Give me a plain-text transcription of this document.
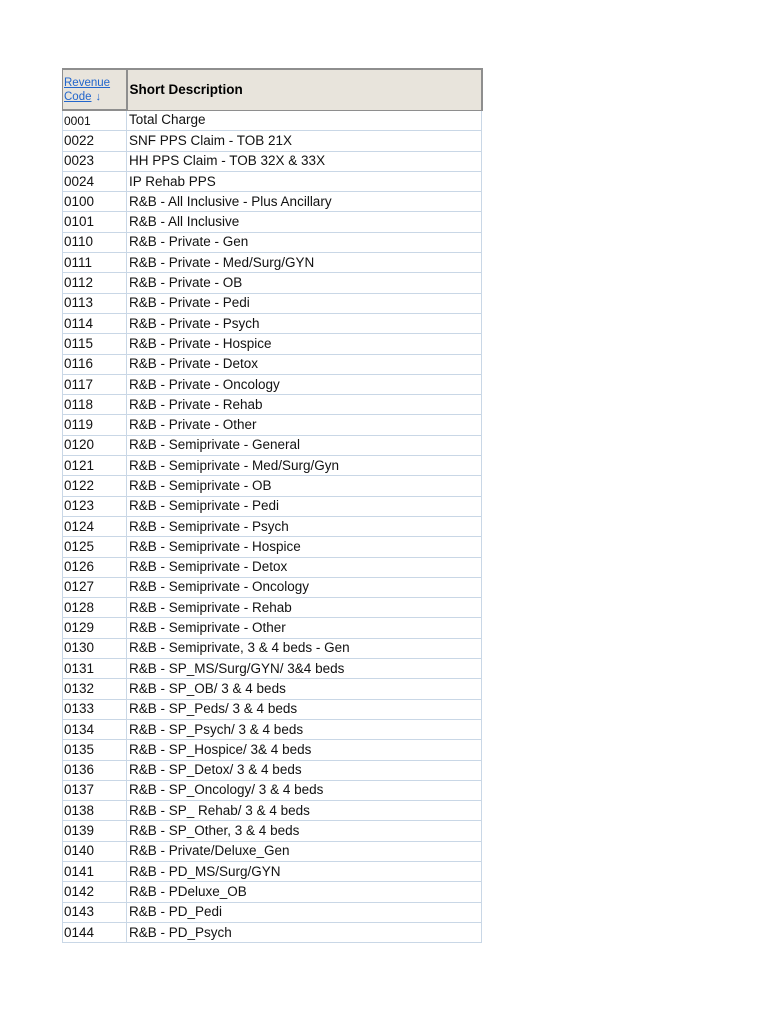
Revenue
Code ↓	Short Description
0001	Total Charge
0022	SNF PPS Claim - TOB 21X
0023	HH PPS Claim - TOB 32X & 33X
0024	IP Rehab PPS
0100	R&B - All Inclusive - Plus Ancillary
0101	R&B - All Inclusive
0110	R&B - Private - Gen
0111	R&B - Private - Med/Surg/GYN
0112	R&B - Private - OB
0113	R&B - Private - Pedi
0114	R&B - Private - Psych
0115	R&B - Private - Hospice
0116	R&B - Private - Detox
0117	R&B - Private - Oncology
0118	R&B - Private - Rehab
0119	R&B - Private - Other
0120	R&B - Semiprivate - General
0121	R&B - Semiprivate - Med/Surg/Gyn
0122	R&B - Semiprivate - OB
0123	R&B - Semiprivate - Pedi
0124	R&B - Semiprivate - Psych
0125	R&B - Semiprivate - Hospice
0126	R&B - Semiprivate - Detox
0127	R&B - Semiprivate - Oncology
0128	R&B - Semiprivate - Rehab
0129	R&B - Semiprivate - Other
0130	R&B - Semiprivate, 3 & 4 beds - Gen
0131	R&B - SP_MS/Surg/GYN/ 3&4 beds
0132	R&B - SP_OB/ 3 & 4 beds
0133	R&B - SP_Peds/ 3 & 4 beds
0134	R&B - SP_Psych/ 3 & 4 beds
0135	R&B - SP_Hospice/ 3& 4 beds
0136	R&B - SP_Detox/ 3 & 4 beds
0137	R&B - SP_Oncology/ 3 & 4 beds
0138	R&B - SP_ Rehab/ 3 & 4 beds
0139	R&B - SP_Other, 3 & 4 beds
0140	R&B - Private/Deluxe_Gen
0141	R&B - PD_MS/Surg/GYN
0142	R&B - PDeluxe_OB
0143	R&B - PD_Pedi
0144	R&B - PD_Psych
